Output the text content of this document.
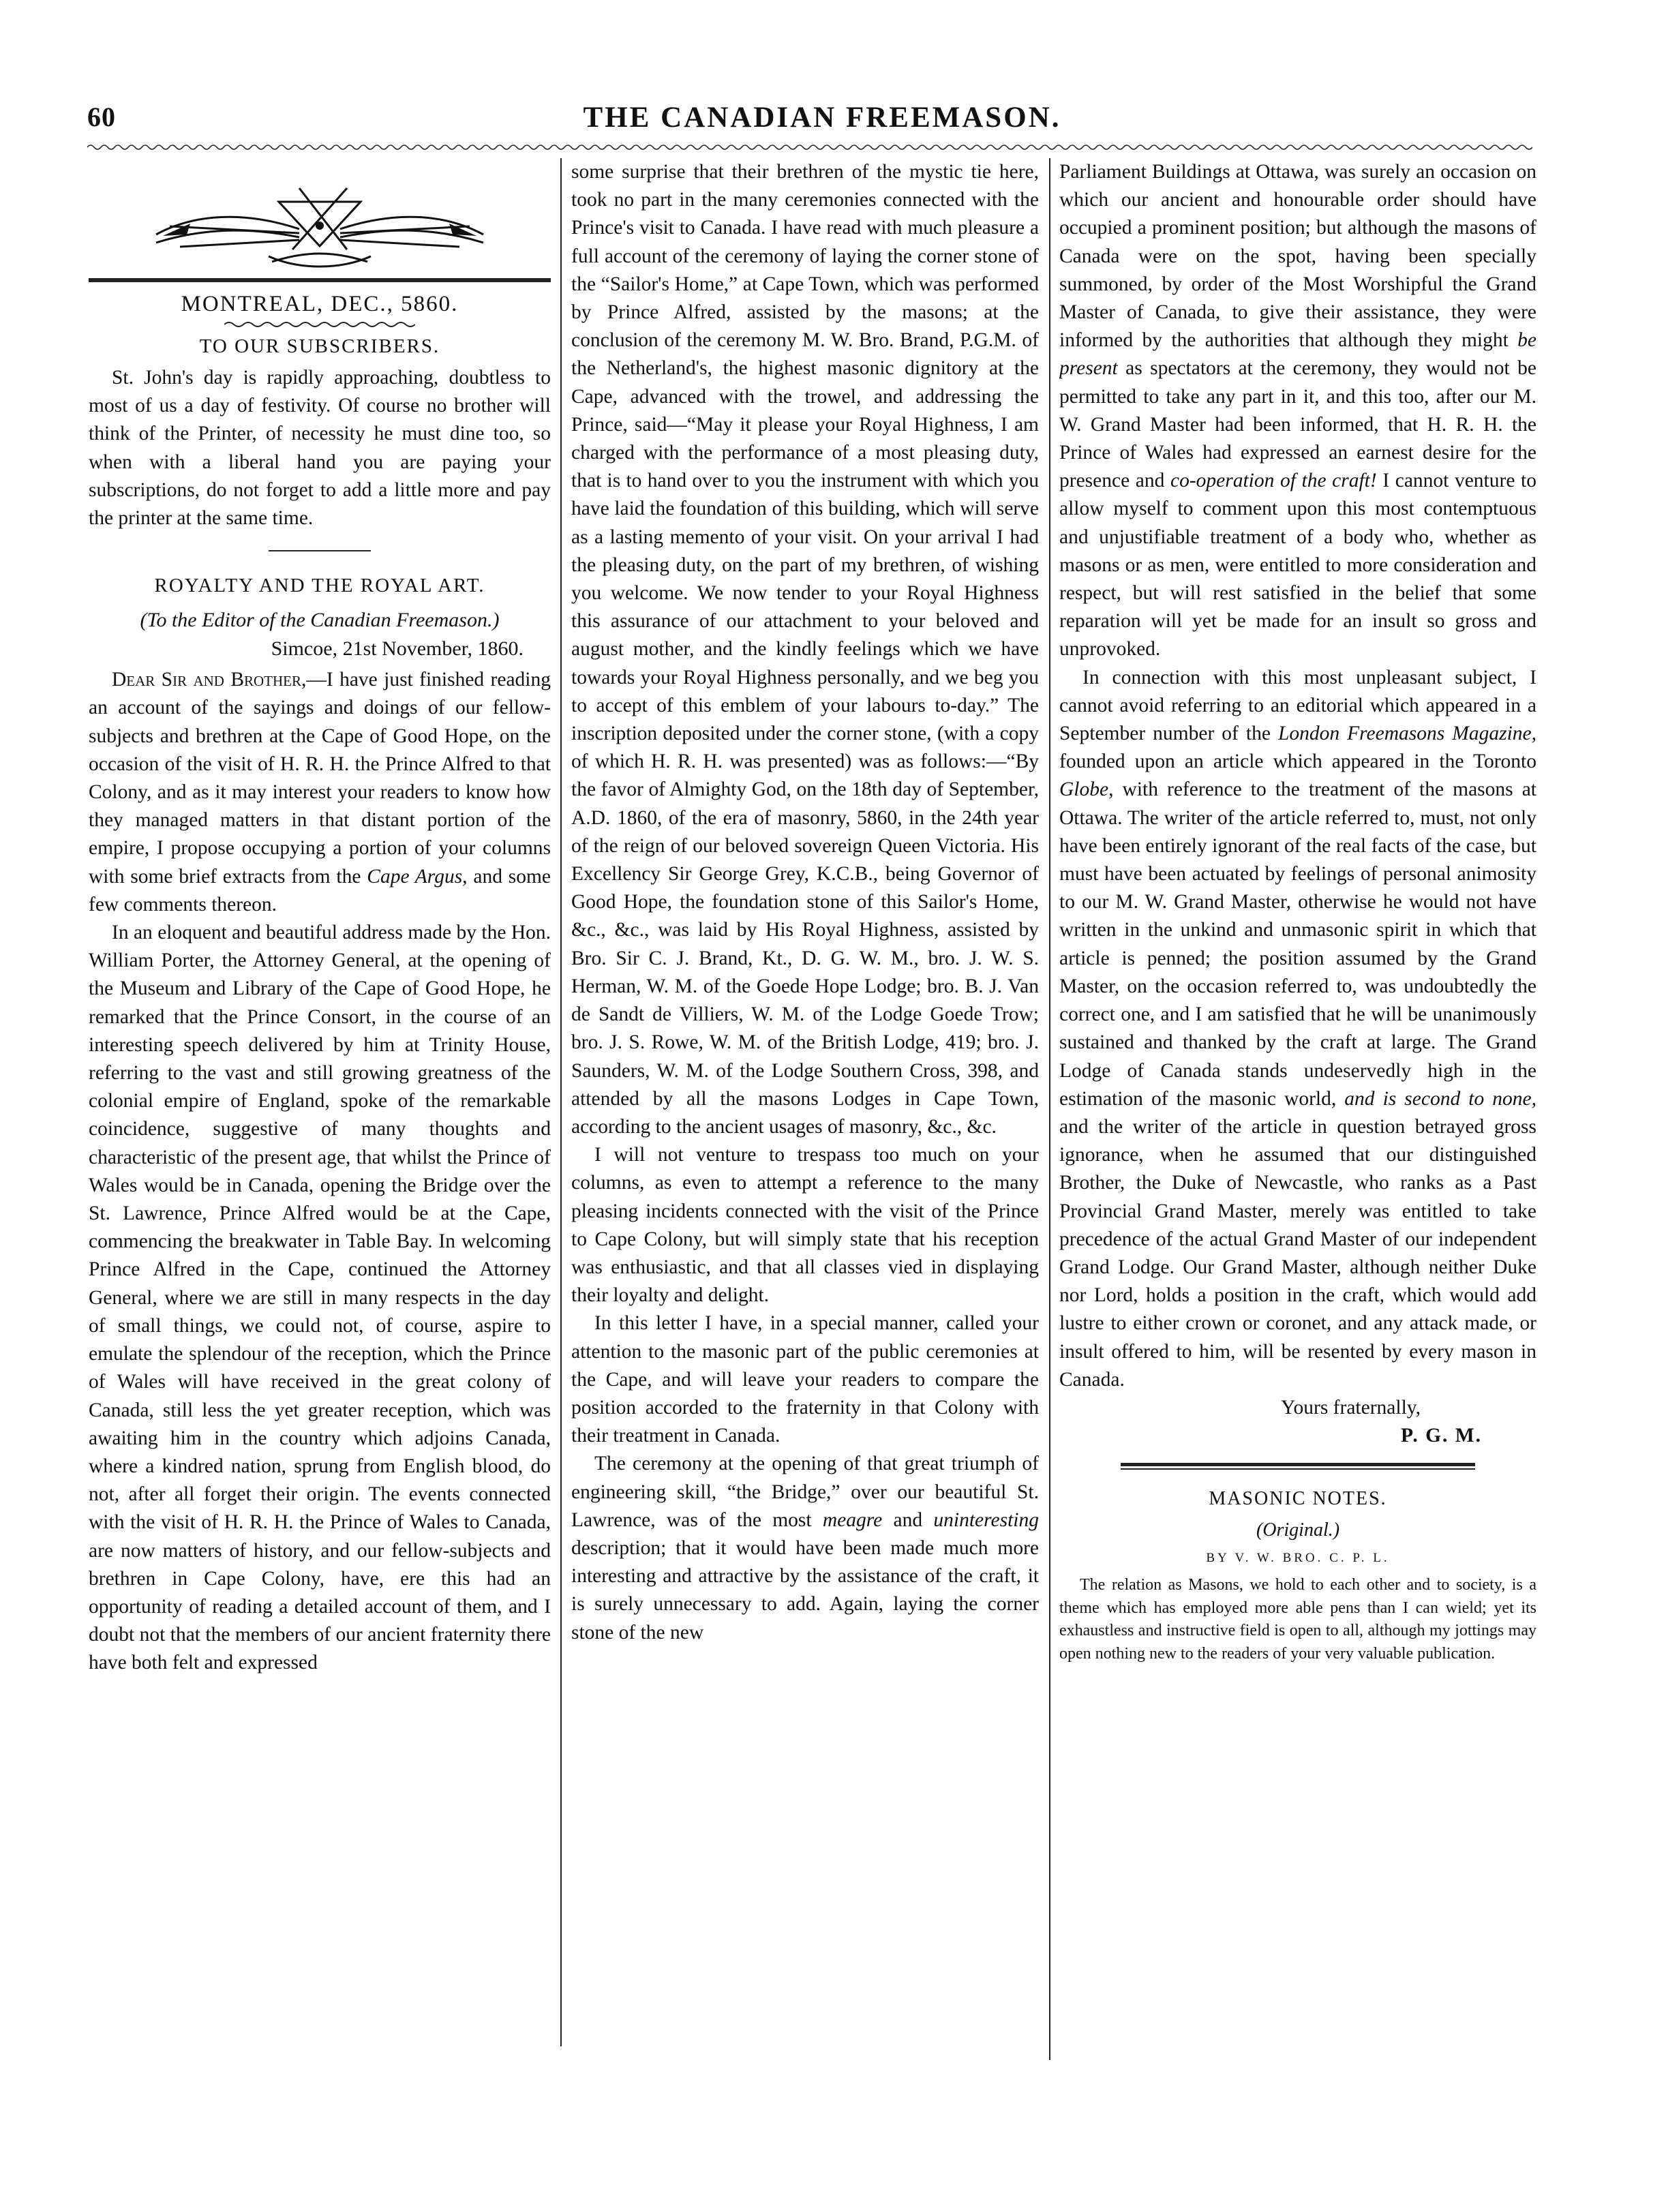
60	THE CANADIAN FREEMASON.
MONTREAL, DEC., 5860.
TO OUR SUBSCRIBERS.

St. John's day is rapidly approaching, doubtless to most of us a day of festivity. Of course no brother will think of the Printer, of necessity he must dine too, so when with a liberal hand you are paying your subscriptions, do not forget to add a little more and pay the printer at the same time.

ROYALTY AND THE ROYAL ART.
(To the Editor of the Canadian Freemason.)
Simcoe, 21st November, 1860.

Dear Sir and Brother,—I have just finished reading an account of the sayings and doings of our fellow-subjects and brethren at the Cape of Good Hope, on the occasion of the visit of H. R. H. the Prince Alfred to that Colony, and as it may interest your readers to know how they managed matters in that distant portion of the empire, I propose occupying a portion of your columns with some brief extracts from the Cape Argus, and some few comments thereon.

In an eloquent and beautiful address made by the Hon. William Porter, the Attorney General, at the opening of the Museum and Library of the Cape of Good Hope, he remarked that the Prince Consort, in the course of an interesting speech delivered by him at Trinity House, referring to the vast and still growing greatness of the colonial empire of England, spoke of the remarkable coincidence, suggestive of many thoughts and characteristic of the present age, that whilst the Prince of Wales would be in Canada, opening the Bridge over the St. Lawrence, Prince Alfred would be at the Cape, commencing the breakwater in Table Bay. In welcoming Prince Alfred in the Cape, continued the Attorney General, where we are still in many respects in the day of small things, we could not, of course, aspire to emulate the splendour of the reception, which the Prince of Wales will have received in the great colony of Canada, still less the yet greater reception, which was awaiting him in the country which adjoins Canada, where a kindred nation, sprung from English blood, do not, after all forget their origin. The events connected with the visit of H. R. H. the Prince of Wales to Canada, are now matters of history, and our fellow-subjects and brethren in Cape Colony, have, ere this had an opportunity of reading a detailed account of them, and I doubt not that the members of our ancient fraternity there have both felt and expressed

some surprise that their brethren of the mystic tie here, took no part in the many ceremonies connected with the Prince's visit to Canada. I have read with much pleasure a full account of the ceremony of laying the corner stone of the “Sailor's Home,” at Cape Town, which was performed by Prince Alfred, assisted by the masons; at the conclusion of the ceremony M. W. Bro. Brand, P.G.M. of the Netherland's, the highest masonic dignitory at the Cape, advanced with the trowel, and addressing the Prince, said—“May it please your Royal Highness, I am charged with the performance of a most pleasing duty, that is to hand over to you the instrument with which you have laid the foundation of this building, which will serve as a lasting memento of your visit. On your arrival I had the pleasing duty, on the part of my brethren, of wishing you welcome. We now tender to your Royal Highness this assurance of our attachment to your beloved and august mother, and the kindly feelings which we have towards your Royal Highness personally, and we beg you to accept of this emblem of your labours to-day.” The inscription deposited under the corner stone, (with a copy of which H. R. H. was presented) was as follows:—“By the favor of Almighty God, on the 18th day of September, A.D. 1860, of the era of masonry, 5860, in the 24th year of the reign of our beloved sovereign Queen Victoria. His Excellency Sir George Grey, K.C.B., being Governor of Good Hope, the foundation stone of this Sailor's Home, &c., &c., was laid by His Royal Highness, assisted by Bro. Sir C. J. Brand, Kt., D. G. W. M., bro. J. W. S. Herman, W. M. of the Goede Hope Lodge; bro. B. J. Van de Sandt de Villiers, W. M. of the Lodge Goede Trow; bro. J. S. Rowe, W. M. of the British Lodge, 419; bro. J. Saunders, W. M. of the Lodge Southern Cross, 398, and attended by all the masons Lodges in Cape Town, according to the ancient usages of masonry, &c., &c.

I will not venture to trespass too much on your columns, as even to attempt a reference to the many pleasing incidents connected with the visit of the Prince to Cape Colony, but will simply state that his reception was enthusiastic, and that all classes vied in displaying their loyalty and delight.

In this letter I have, in a special manner, called your attention to the masonic part of the public ceremonies at the Cape, and will leave your readers to compare the position accorded to the fraternity in that Colony with their treatment in Canada.

The ceremony at the opening of that great triumph of engineering skill, “the Bridge,” over our beautiful St. Lawrence, was of the most meagre and uninteresting description; that it would have been made much more interesting and attractive by the assistance of the craft, it is surely unnecessary to add. Again, laying the corner stone of the new

Parliament Buildings at Ottawa, was surely an occasion on which our ancient and honourable order should have occupied a prominent position; but although the masons of Canada were on the spot, having been specially summoned, by order of the Most Worshipful the Grand Master of Canada, to give their assistance, they were informed by the authorities that although they might be present as spectators at the ceremony, they would not be permitted to take any part in it, and this too, after our M. W. Grand Master had been informed, that H. R. H. the Prince of Wales had expressed an earnest desire for the presence and co-operation of the craft! I cannot venture to allow myself to comment upon this most contemptuous and unjustifiable treatment of a body who, whether as masons or as men, were entitled to more consideration and respect, but will rest satisfied in the belief that some reparation will yet be made for an insult so gross and unprovoked.

In connection with this most unpleasant subject, I cannot avoid referring to an editorial which appeared in a September number of the London Freemasons Magazine, founded upon an article which appeared in the Toronto Globe, with reference to the treatment of the masons at Ottawa. The writer of the article referred to, must, not only have been entirely ignorant of the real facts of the case, but must have been actuated by feelings of personal animosity to our M. W. Grand Master, otherwise he would not have written in the unkind and unmasonic spirit in which that article is penned; the position assumed by the Grand Master, on the occasion referred to, was undoubtedly the correct one, and I am satisfied that he will be unanimously sustained and thanked by the craft at large. The Grand Lodge of Canada stands undeservedly high in the estimation of the masonic world, and is second to none, and the writer of the article in question betrayed gross ignorance, when he assumed that our distinguished Brother, the Duke of Newcastle, who ranks as a Past Provincial Grand Master, merely was entitled to take precedence of the actual Grand Master of our independent Grand Lodge. Our Grand Master, although neither Duke nor Lord, holds a position in the craft, which would add lustre to either crown or coronet, and any attack made, or insult offered to him, will be resented by every mason in Canada.

Yours fraternally,

P. G. M.

MASONIC NOTES.
(Original.)
BY V. W. BRO. C. P. L.

The relation as Masons, we hold to each other and to society, is a theme which has employed more able pens than I can wield; yet its exhaustless and instructive field is open to all, although my jottings may open nothing new to the readers of your very valuable publication.
